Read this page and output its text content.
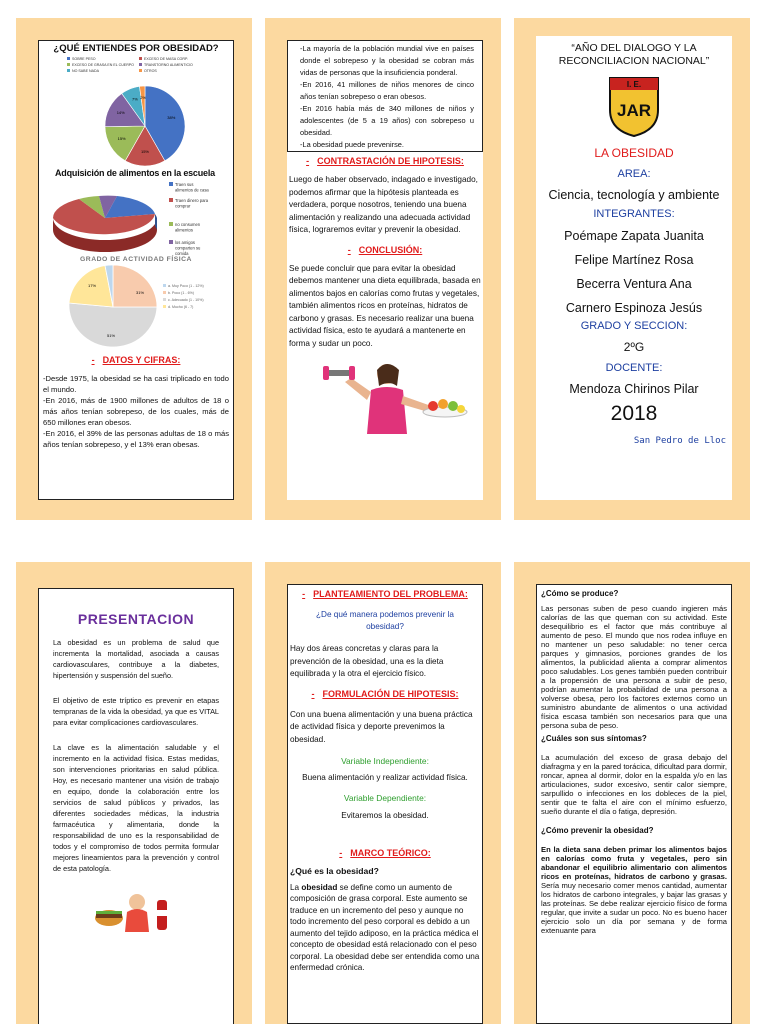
¿QUÉ ENTIENDES POR OBESIDAD?
SOBRE PESO	EXCESO DE MASA CORP.
EXCESO DE GRASA EN EL CUERPO	TRANSTORNO ALIMENTICIO
NO SABE NADA	OTROS
38%
15%
15%
14%
7% 2%
Adquisición de alimentos en la escuela
Traen sus
alimentos de casa
Traen dinero para
comprar
no consumen
alimentos
los amigos
comparten su
comida
GRADO DE ACTIVIDAD FÍSICA
31%
51%
17%	a. Muy Poco (1 - 12%)
b. Poco (1 - 6%)
c. Adecuado (1 - 10%)
d. Mucho (6 - 7)
- DATOS Y CIFRAS:
-Desde 1975, la obesidad se ha casi triplicado en todo el mundo.
-En 2016, más de 1900 millones de adultos de 18 o más años tenían sobrepeso, de los cuales, más de 650 millones eran obesos.
-En 2016, el 39% de las personas adultas de 18 o más años tenían sobrepeso, y el 13% eran obesas.
-La mayoría de la población mundial vive en países donde el sobrepeso y la obesidad se cobran más vidas de personas que la insuficiencia ponderal.
-En 2016, 41 millones de niños menores de cinco años tenían sobrepeso o eran obesos.
-En 2016 había más de 340 millones de niños y adolescentes (de 5 a 19 años) con sobrepeso u obesidad.
-La obesidad puede prevenirse.
- CONTRASTACIÓN DE HIPOTESIS:
Luego de haber observado, indagado e investigado, podemos afirmar que la hipótesis planteada es verdadera, porque nosotros, teniendo una buena alimentación y realizando una adecuada actividad física, lograremos evitar y prevenir la obesidad.
- CONCLUSIÓN:
Se puede concluir que para evitar la obesidad debemos mantener una dieta equilibrada, basada en alimentos bajos en calorías como frutas y vegetales, también alimentos ricos en proteínas, hidratos de carbono y grasas. Es necesario realizar una buena actividad física, esto te ayudará a mantenerte en forma y sudar un poco.
“AÑO DEL DIALOGO Y LA RECONCILIACION NACIONAL”
I. E.
JAR
LA OBESIDAD
AREA:
Ciencia, tecnología y ambiente
INTEGRANTES:
Poémape Zapata Juanita
Felipe Martínez Rosa
Becerra Ventura Ana
Carnero Espinoza Jesús
GRADO Y SECCION:
2ºG
DOCENTE:
Mendoza Chirinos Pilar
2018
San Pedro de Lloc
PRESENTACION
La obesidad es un problema de salud que incrementa la mortalidad, asociada a causas cardiovasculares, contribuye a la diabetes, hipertensión y suspensión del sueño.
El objetivo de este tríptico es prevenir en etapas tempranas de la vida la obesidad, ya que es VITAL para evitar complicaciones cardiovasculares.
La clave es la alimentación saludable y el incremento en la actividad física. Estas medidas, son intervenciones prioritarias en salud pública. Hoy, es necesario mantener una visión de trabajo en equipo, donde la colaboración entre los servicios de salud públicos y privados, las diferentes sociedades médicas, la industria farmacéutica y alimentaria, donde la responsabilidad de uno es la responsabilidad de todos y el compromiso de todos permita formular mejores lineamientos para la prevención y control de esta patología.
- PLANTEAMIENTO DEL PROBLEMA:
¿De qué manera podemos prevenir la obesidad?
Hay dos áreas concretas y claras para la prevención de la obesidad, una es la dieta equilibrada y la otra el ejercicio físico.
- FORMULACIÓN DE HIPOTESIS:
Con una buena alimentación y una buena práctica de actividad física y deporte prevenimos la obesidad.
Variable Independiente:
Buena alimentación y realizar actividad física.
Variable Dependiente:
Evitaremos la obesidad.
- MARCO TEÓRICO:
¿Qué es la obesidad?
La obesidad se define como un aumento de composición de grasa corporal. Este aumento se traduce en un incremento del peso y aunque no todo incremento del peso corporal es debido a un aumento del tejido adiposo, en la práctica médica el concepto de obesidad está relacionado con el peso corporal. La obesidad debe ser entendida como una enfermedad crónica.
¿Cómo se produce?
Las personas suben de peso cuando ingieren más calorías de las que queman con su actividad. Este desequilibrio es el factor que más contribuye al aumento de peso. El mundo que nos rodea influye en no mantener un peso saludable: no tener cerca parques y gimnasios, porciones grandes de los alimentos, la publicidad alienta a comprar alimentos poco saludables. Los genes también pueden contribuir a la propensión de una persona a subir de peso, podrían aumentar la probabilidad de una persona a volverse obesa, pero los factores externos como un suministro abundante de alimentos o una actividad física escasa también son necesarios para que una persona suba de peso.
¿Cuáles son sus síntomas?
La acumulación del exceso de grasa debajo del diafragma y en la pared torácica, dificultad para dormir, roncar, apnea al dormir, dolor en la espalda y/o en las articulaciones, sudor excesivo, sentir calor siempre, sarpullido o infecciones en los dobleces de la piel, sentir que te falta el aire con el mínimo esfuerzo, sueño durante el día o fatiga, depresión.
¿Cómo prevenir la obesidad?
En la dieta sana deben primar los alimentos bajos en calorías como fruta y vegetales, pero sin abandonar el equilibrio alimentario con alimentos ricos en proteínas, hidratos de carbono y grasas. Sería muy necesario comer menos cantidad, aumentar los hidratos de carbono integrales, y bajar las grasas y las proteínas. Se debe realizar ejercicio físico de forma regular, que invite a sudar un poco. No es bueno hacer ejercicio solo un día por semana y de forma extenuante para
